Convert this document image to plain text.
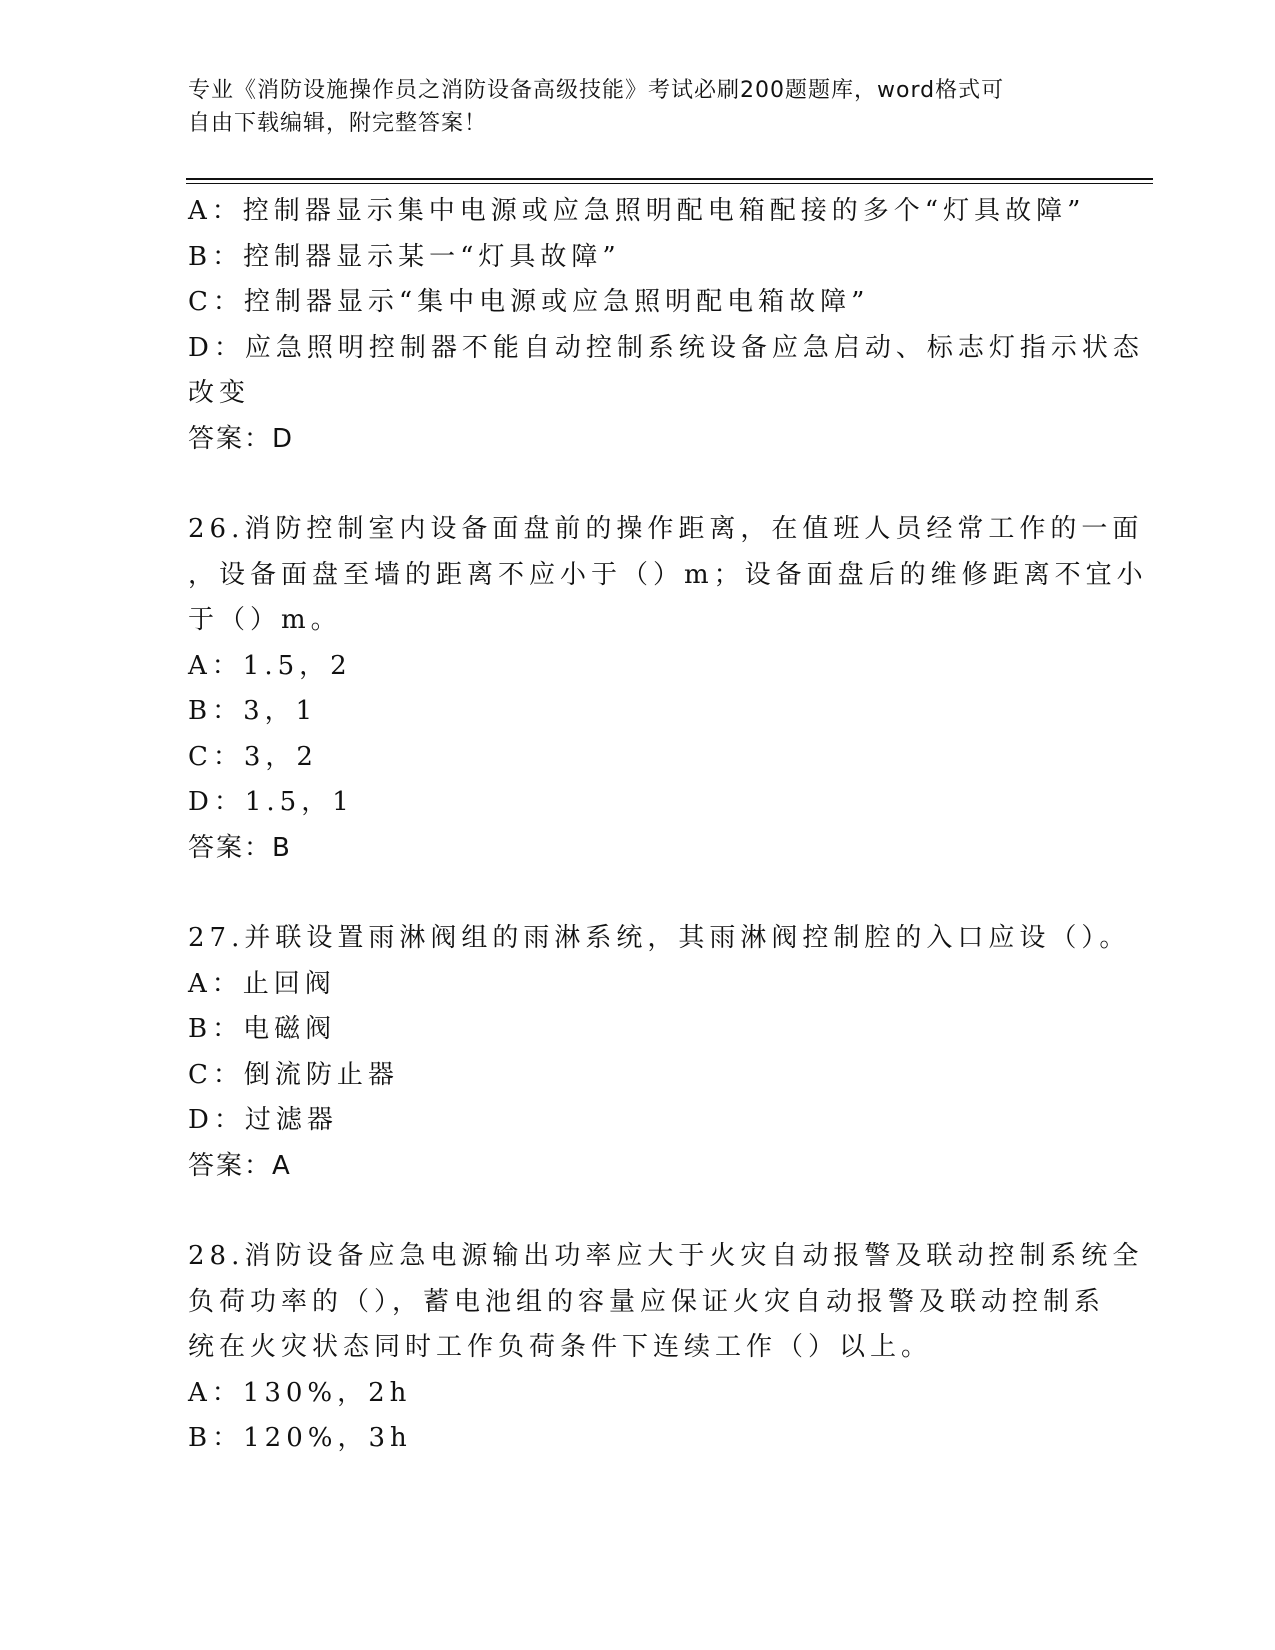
专业《消防设施操作员之消防设备高级技能》考试必刷200题题库，word格式可
自由下载编辑，附完整答案！
A：控制器显示集中电源或应急照明配电箱配接的多个“灯具故障”
B：控制器显示某一“灯具故障”
C：控制器显示“集中电源或应急照明配电箱故障”
D：应急照明控制器不能自动控制系统设备应急启动、标志灯指示状态
改变
答案：D
26.消防控制室内设备面盘前的操作距离，在值班人员经常工作的一面
，设备面盘至墙的距离不应小于（）m；设备面盘后的维修距离不宜小
于（）m。
A：1.5，2
B：3，1
C：3，2
D：1.5，1
答案：B
27.并联设置雨淋阀组的雨淋系统，其雨淋阀控制腔的入口应设（）。
A：止回阀
B：电磁阀
C：倒流防止器
D：过滤器
答案：A
28.消防设备应急电源输出功率应大于火灾自动报警及联动控制系统全
负荷功率的（），蓄电池组的容量应保证火灾自动报警及联动控制系
统在火灾状态同时工作负荷条件下连续工作（）以上。
A：130%，2h
B：120%，3h
